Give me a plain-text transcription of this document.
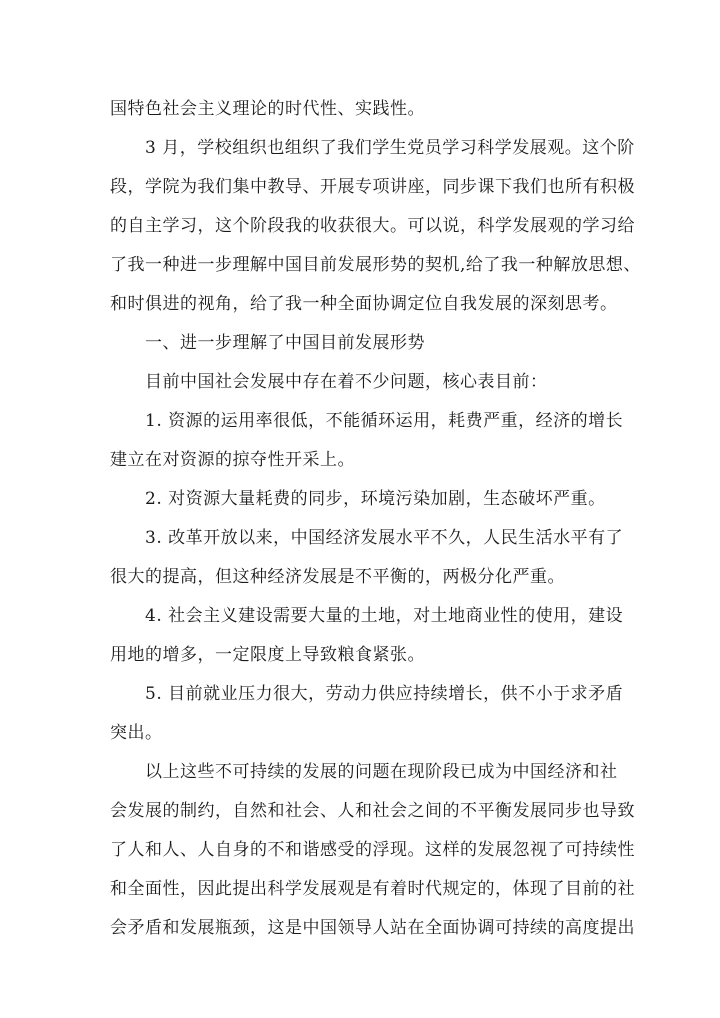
国特色社会主义理论的时代性、实践性。
3 月，学校组织也组织了我们学生党员学习科学发展观。这个阶
段，学院为我们集中教导、开展专项讲座，同步课下我们也所有积极
的自主学习，这个阶段我的收获很大。可以说，科学发展观的学习给
了我一种进一步理解中国目前发展形势的契机,给了我一种解放思想、
和时俱进的视角，给了我一种全面协调定位自我发展的深刻思考。
一、进一步理解了中国目前发展形势
目前中国社会发展中存在着不少问题，核心表目前：
1. 资源的运用率很低，不能循环运用，耗费严重，经济的增长
建立在对资源的掠夺性开采上。
2. 对资源大量耗费的同步，环境污染加剧，生态破坏严重。
3. 改革开放以来，中国经济发展水平不久，人民生活水平有了
很大的提高，但这种经济发展是不平衡的，两极分化严重。
4. 社会主义建设需要大量的土地，对土地商业性的使用，建设
用地的增多，一定限度上导致粮食紧张。
5. 目前就业压力很大，劳动力供应持续增长，供不小于求矛盾
突出。
以上这些不可持续的发展的问题在现阶段已成为中国经济和社
会发展的制约，自然和社会、人和社会之间的不平衡发展同步也导致
了人和人、人自身的不和谐感受的浮现。这样的发展忽视了可持续性
和全面性，因此提出科学发展观是有着时代规定的，体现了目前的社
会矛盾和发展瓶颈，这是中国领导人站在全面协调可持续的高度提出
